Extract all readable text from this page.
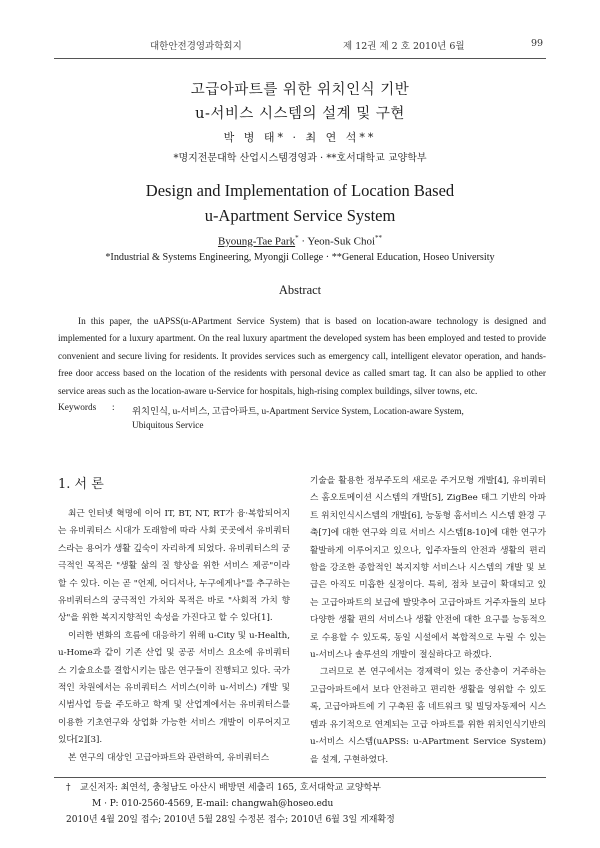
대한안전경영과학회지	제 12권 제 2 호 2010년 6월	99
고급아파트를 위한 위치인식 기반
u-서비스 시스템의 설계 및 구현
박 병 태* · 최 연 석**
*명지전문대학 산업시스템경영과 · **호서대학교 교양학부
Design and Implementation of Location Based
u-Apartment Service System
Byoung-Tae Park* · Yeon-Suk Choi**
*Industrial & Systems Engineering, Myongji College · **General Education, Hoseo University
Abstract

In this paper, the uAPSS(u-APartment Service System) that is based on location-aware technology is designed and implemented for a luxury apartment. On the real luxury apartment the developed system has been employed and tested to provide convenient and secure living for residents. It provides services such as emergency call, intelligent elevator operation, and hands-free door access based on the location of the residents with personal device as called smart tag. It can also be applied to other service areas such as the location-aware u-Service for hospitals, high-rising complex buildings, silver towns, etc.

Keywords : 위치인식, u-서비스, 고급아파트, u-Apartment Service System, Location-aware System,
Ubiquitous Service
1. 서 론

최근 인터넷 혁명에 이어 IT, BT, NT, RT가 융·복합되어지는 유비쿼터스 시대가 도래함에 따라 사회 곳곳에서 유비쿼터스라는 용어가 생활 깊숙이 자리하게 되었다. 유비쿼터스의 궁극적인 목적은 "생활 삶의 질 향상을 위한 서비스 제공"이라 할 수 있다. 이는 곧 "언제, 어디서나, 누구에게나"를 추구하는 유비쿼터스의 궁극적인 가치와 목적은 바로 "사회적 가치 향상"을 위한 복지지향적인 속성을 가진다고 할 수 있다[1].

이러한 변화의 흐름에 대응하기 위해 u-City 및 u-Health, u-Home과 같이 기존 산업 및 공공 서비스 요소에 유비쿼터스 기술요소를 결합시키는 많은 연구들이 진행되고 있다. 국가적인 차원에서는 유비쿼터스 서비스(이하 u-서비스) 개발 및 시범사업 등을 주도하고 학계 및 산업계에서는 유비쿼터스를 이용한 기초연구와 상업화 가능한 서비스 개발이 이루어지고 있다[2][3].

본 연구의 대상인 고급아파트와 관련하여, 유비쿼터스

기술을 활용한 정부주도의 새로운 주거모형 개발[4], 유비쿼터스 홈오토메이션 시스템의 개발[5], ZigBee 태그 기반의 아파트 위치인식시스템의 개발[6], 능동형 홈서비스 시스템 환경 구축[7]에 대한 연구와 의료 서비스 시스템[8-10]에 대한 연구가 활발하게 이루어지고 있으나, 입주자들의 안전과 생활의 편리함을 강조한 종합적인 복지지향 서비스나 시스템의 개발 및 보급은 아직도 미흡한 실정이다. 특히, 점차 보급이 확대되고 있는 고급아파트의 보급에 발맞추어 고급아파트 거주자들의 보다 다양한 생활 편의 서비스나 생활 안전에 대한 요구를 능동적으로 수용할 수 있도록, 동일 시설에서 복합적으로 누릴 수 있는 u-서비스나 솔루션의 개발이 절실하다고 하겠다.

그러므로 본 연구에서는 경제력이 있는 중산층이 거주하는 고급아파트에서 보다 안전하고 편리한 생활을 영위할 수 있도록, 고급아파트에 기 구축된 홈 네트워크 및 빌딩자동제어 시스템과 유기적으로 연계되는 고급 아파트를 위한 위치인식기반의 u-서비스 시스템(uAPSS: u-APartment Service System)을 설계, 구현하였다.

† 교신저자: 최연석, 충청남도 아산시 배방면 세출리 165, 호서대학교 교양학부
M · P: 010-2560-4569, E-mail: changwah@hoseo.edu
2010년 4월 20일 접수; 2010년 5월 28일 수정본 접수; 2010년 6월 3일 게재확정
